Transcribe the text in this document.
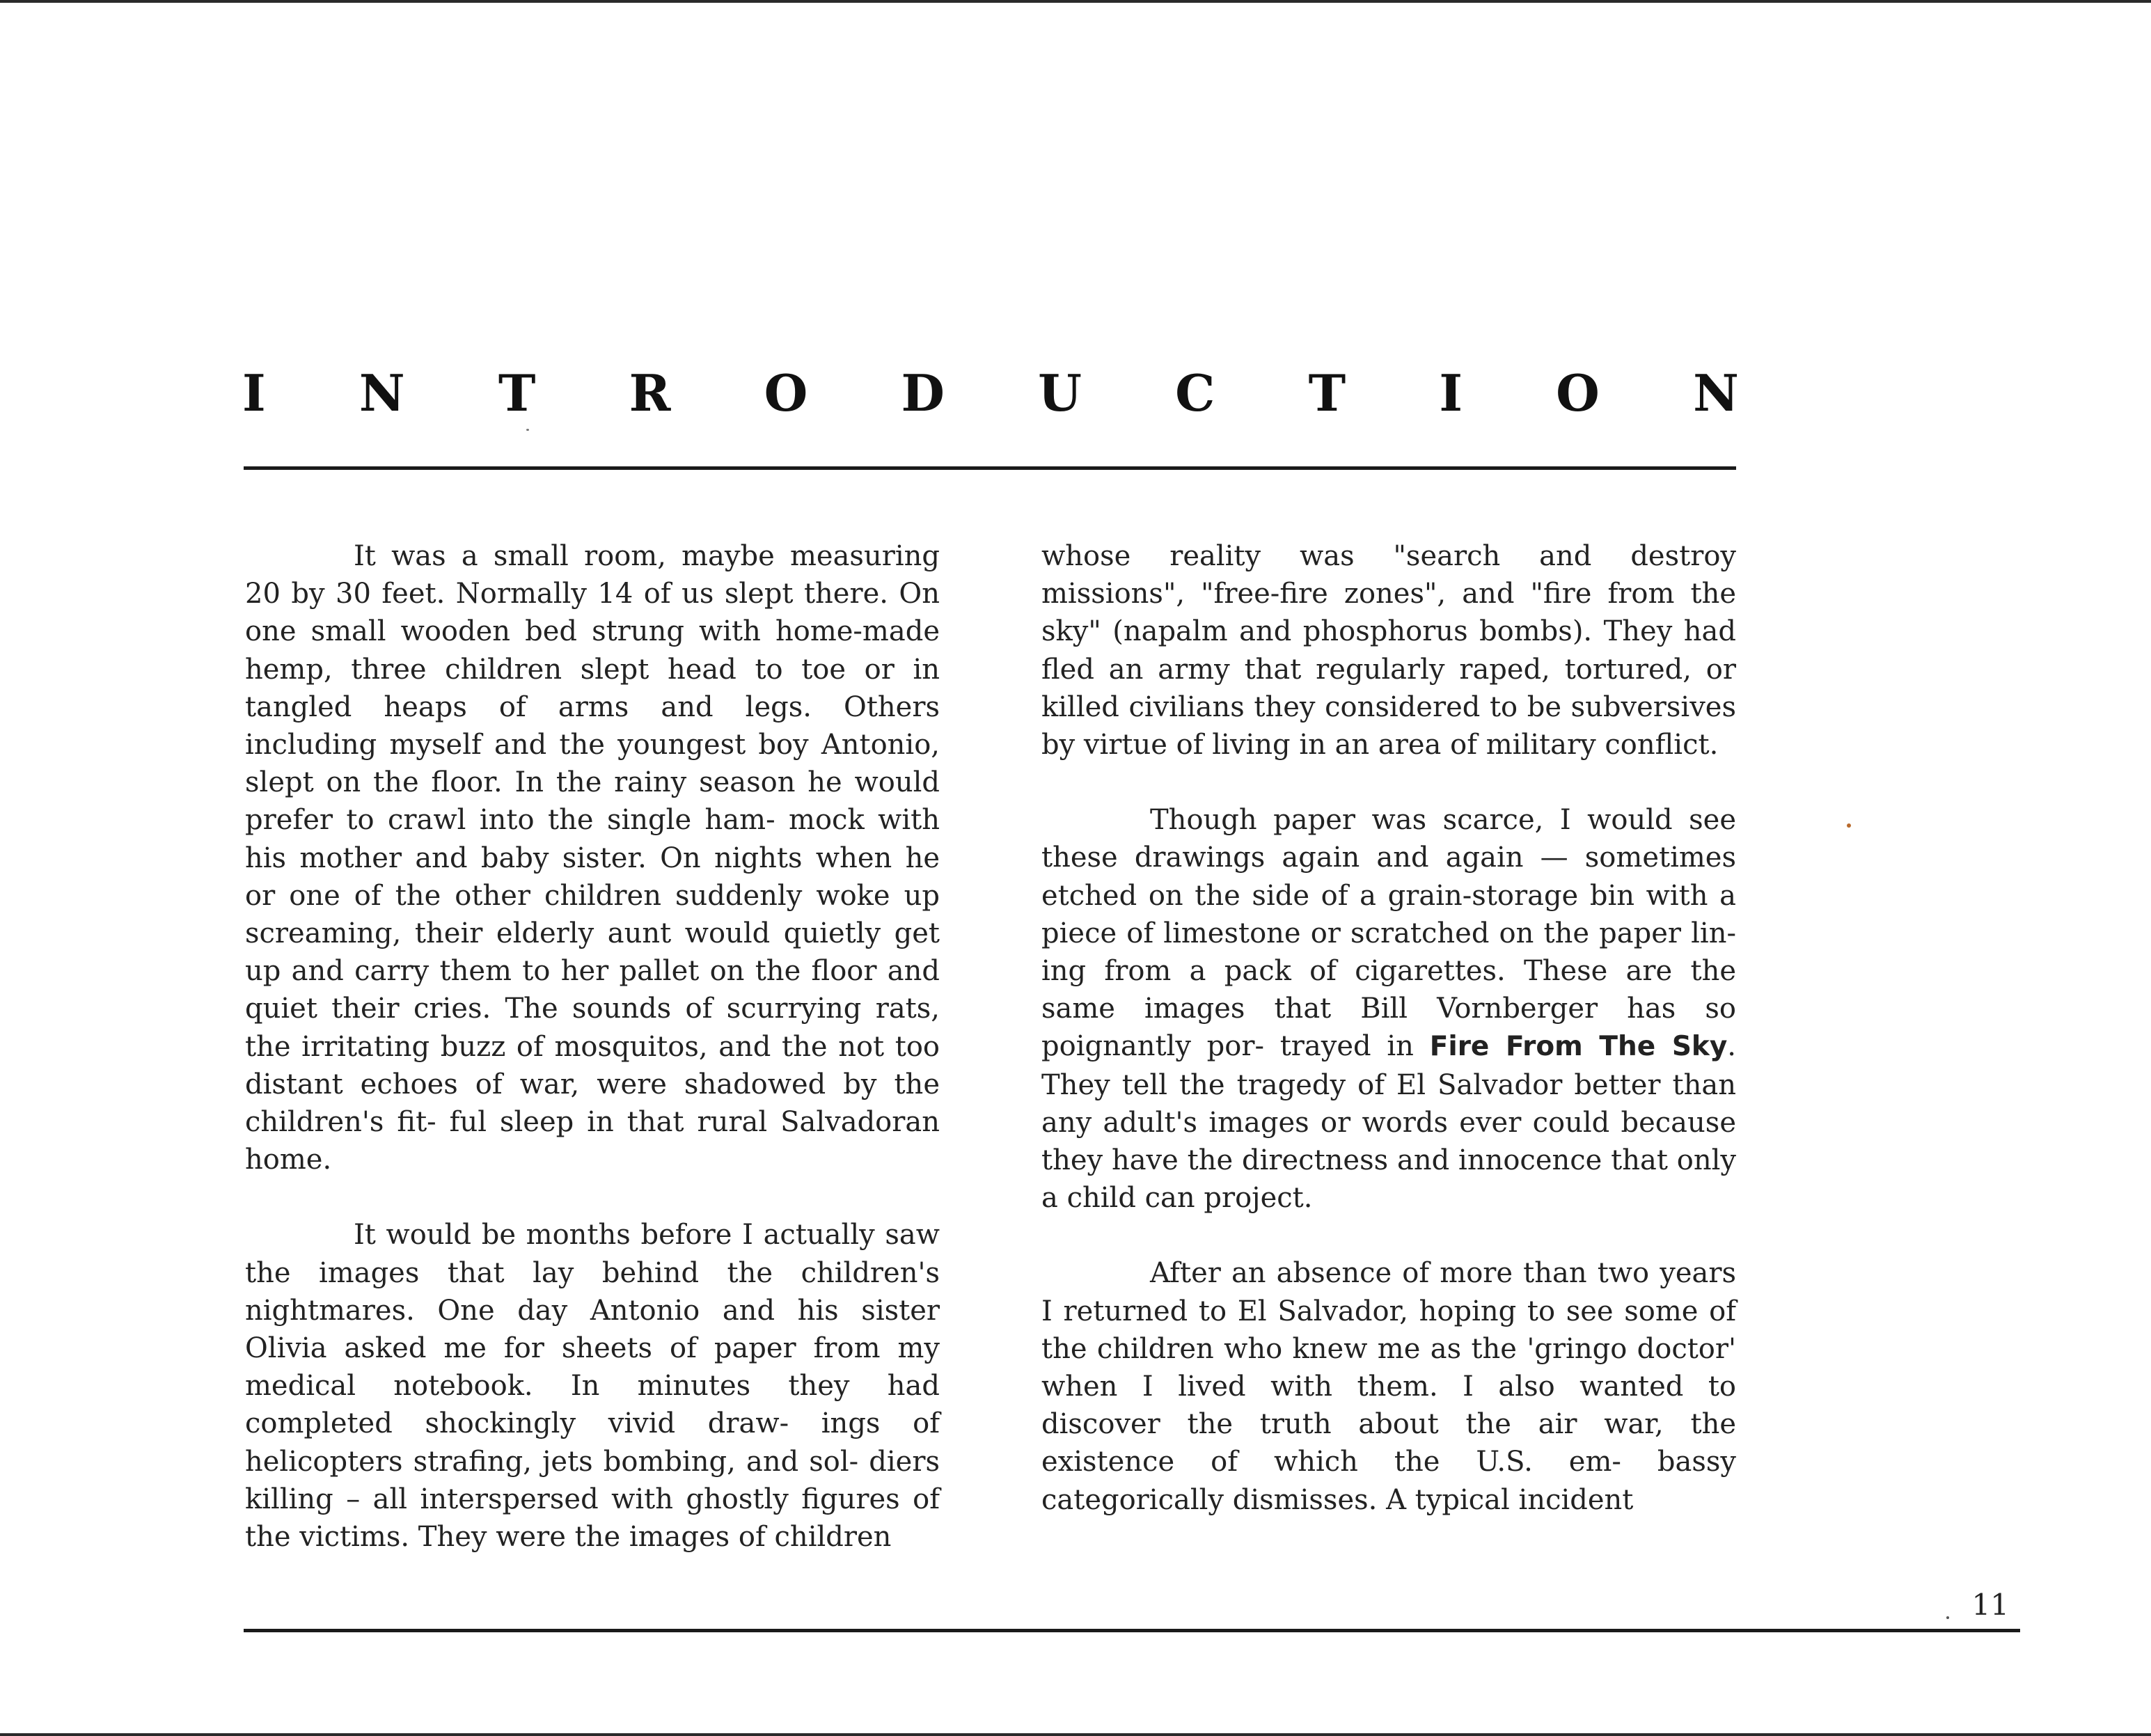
I N T R O D U C T I O N

It was a small room, maybe measuring 20 by 30 feet. Normally 14 of us slept there. On one small wooden bed strung with home-made hemp, three children slept head to toe or in tangled heaps of arms and legs. Others including myself and the youngest boy Antonio, slept on the floor. In the rainy season he would prefer to crawl into the single ham- mock with his mother and baby sister. On nights when he or one of the other children suddenly woke up screaming, their elderly aunt would quietly get up and carry them to her pallet on the floor and quiet their cries. The sounds of scurrying rats, the irritating buzz of mosquitos, and the not too distant echoes of war, were shadowed by the children's fit- ful sleep in that rural Salvadoran home.

It would be months before I actually saw the images that lay behind the children's nightmares. One day Antonio and his sister Olivia asked me for sheets of paper from my medical notebook. In minutes they had completed shockingly vivid draw- ings of helicopters strafing, jets bombing, and sol- diers killing – all interspersed with ghostly figures of the victims. They were the images of children

whose reality was "search and destroy missions", "free-fire zones", and "fire from the sky" (napalm and phosphorus bombs). They had fled an army that regularly raped, tortured, or killed civilians they considered to be subversives by virtue of living in an area of military conflict.

Though paper was scarce, I would see these drawings again and again — sometimes etched on the side of a grain-storage bin with a piece of limestone or scratched on the paper lin- ing from a pack of cigarettes. These are the same images that Bill Vornberger has so poignantly por- trayed in Fire From The Sky. They tell the tragedy of El Salvador better than any adult's images or words ever could because they have the directness and innocence that only a child can project.

After an absence of more than two years I returned to El Salvador, hoping to see some of the children who knew me as the 'gringo doctor' when I lived with them. I also wanted to discover the truth about the air war, the existence of which the U.S. em- bassy categorically dismisses. A typical incident

11
